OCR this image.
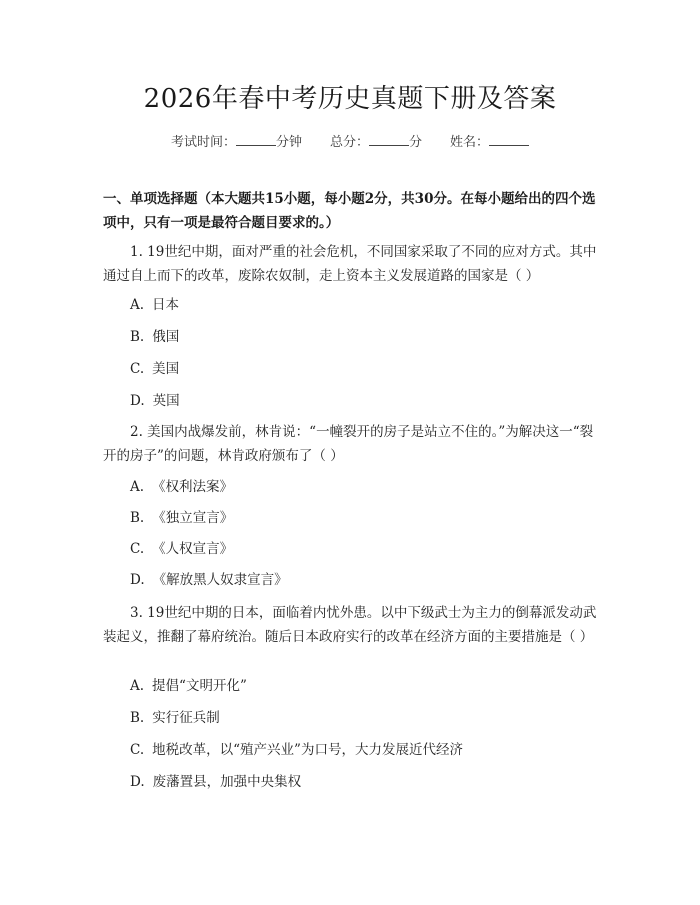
2026年春中考历史真题下册及答案
考试时间：	分钟 总分：	分 姓名：
一、单项选择题（本大题共15小题，每小题2分，共30分。在每小题给出的四个选项中，只有一项是最符合题目要求的。）
1. 19世纪中期，面对严重的社会危机，不同国家采取了不同的应对方式。其中通过自上而下的改革，废除农奴制，走上资本主义发展道路的国家是（ ）
A. 日本
B. 俄国
C. 美国
D. 英国
2. 美国内战爆发前，林肯说：“一幢裂开的房子是站立不住的。”为解决这一“裂开的房子”的问题，林肯政府颁布了（ ）
A. 《权利法案》
B. 《独立宣言》
C. 《人权宣言》
D. 《解放黑人奴隶宣言》
3. 19世纪中期的日本，面临着内忧外患。以中下级武士为主力的倒幕派发动武装起义，推翻了幕府统治。随后日本政府实行的改革在经济方面的主要措施是（ ）
A. 提倡“文明开化”
B. 实行征兵制
C. 地税改革，以“殖产兴业”为口号，大力发展近代经济
D. 废藩置县，加强中央集权
